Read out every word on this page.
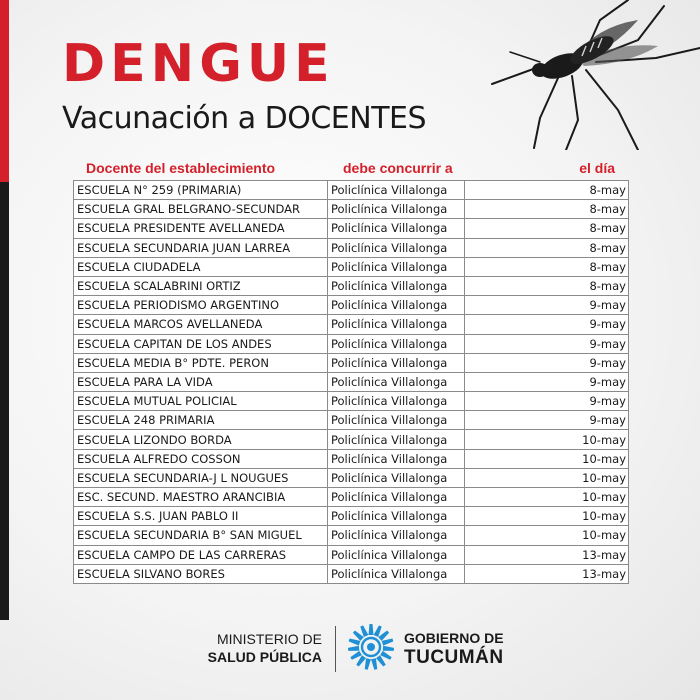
DENGUE
Vacunación a DOCENTES
Docente del establecimiento	debe concurrir a	el día
ESCUELA N° 259 (PRIMARIA)	Policlínica Villalonga	8-may
ESCUELA GRAL BELGRANO-SECUNDAR	Policlínica Villalonga	8-may
ESCUELA PRESIDENTE AVELLANEDA	Policlínica Villalonga	8-may
ESCUELA SECUNDARIA JUAN LARREA	Policlínica Villalonga	8-may
ESCUELA CIUDADELA	Policlínica Villalonga	8-may
ESCUELA SCALABRINI ORTIZ	Policlínica Villalonga	8-may
ESCUELA PERIODISMO ARGENTINO	Policlínica Villalonga	9-may
ESCUELA MARCOS AVELLANEDA	Policlínica Villalonga	9-may
ESCUELA CAPITAN DE LOS ANDES	Policlínica Villalonga	9-may
ESCUELA MEDIA B° PDTE. PERON	Policlínica Villalonga	9-may
ESCUELA PARA LA VIDA	Policlínica Villalonga	9-may
ESCUELA MUTUAL POLICIAL	Policlínica Villalonga	9-may
ESCUELA 248 PRIMARIA	Policlínica Villalonga	9-may
ESCUELA LIZONDO BORDA	Policlínica Villalonga	10-may
ESCUELA ALFREDO COSSON	Policlínica Villalonga	10-may
ESCUELA SECUNDARIA-J L NOUGUES	Policlínica Villalonga	10-may
ESC. SECUND. MAESTRO ARANCIBIA	Policlínica Villalonga	10-may
ESCUELA S.S. JUAN PABLO II	Policlínica Villalonga	10-may
ESCUELA SECUNDARIA B° SAN MIGUEL	Policlínica Villalonga	10-may
ESCUELA CAMPO DE LAS CARRERAS	Policlínica Villalonga	13-may
ESCUELA SILVANO BORES	Policlínica Villalonga	13-may
MINISTERIO DE
SALUD PÚBLICA
GOBIERNO DE
TUCUMÁN
